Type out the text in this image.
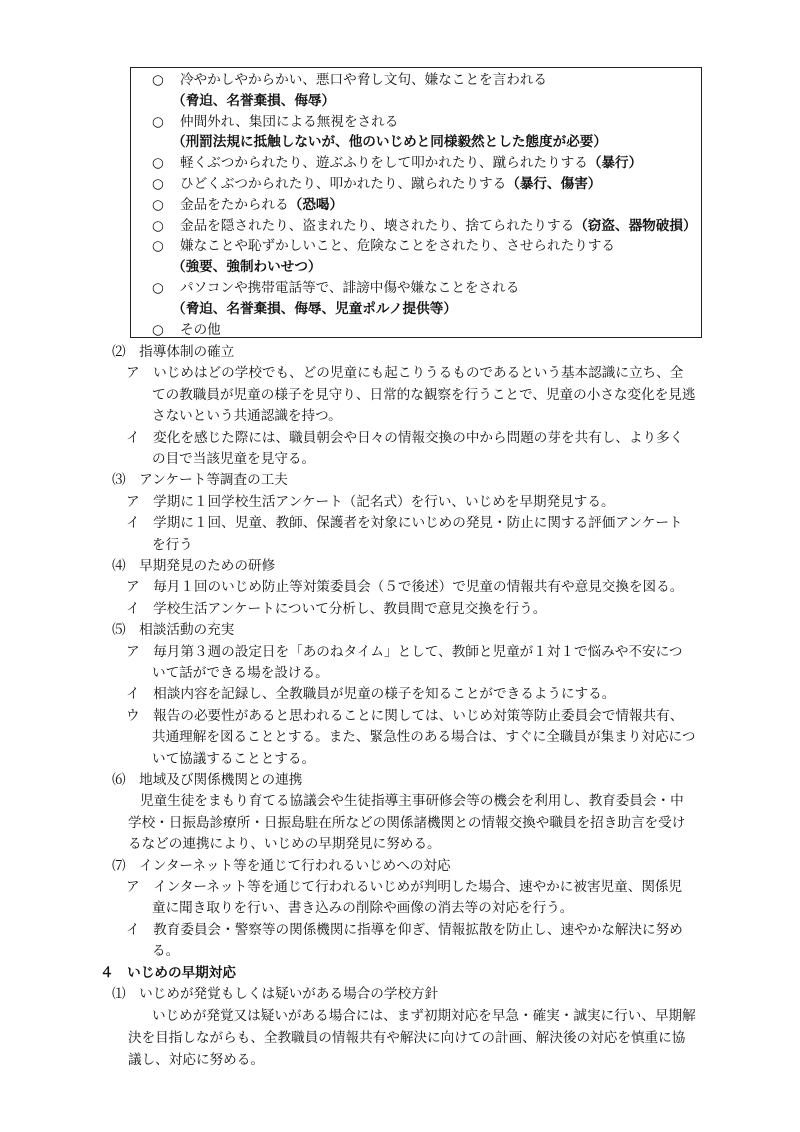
○ 冷やかしやからかい、悪口や脅し文句、嫌なことを言われる
（脅迫、名誉棄損、侮辱）
○ 仲間外れ、集団による無視をされる
（刑罰法規に抵触しないが、他のいじめと同様毅然とした態度が必要）
○ 軽くぶつかられたり、遊ぶふりをして叩かれたり、蹴られたりする（暴行）
○ ひどくぶつかられたり、叩かれたり、蹴られたりする（暴行、傷害）
○ 金品をたかられる（恐喝）
○ 金品を隠されたり、盗まれたり、壊されたり、捨てられたりする（窃盗、器物破損）
○ 嫌なことや恥ずかしいこと、危険なことをされたり、させられたりする
（強要、強制わいせつ）
○ パソコンや携帯電話等で、誹謗中傷や嫌なことをされる
（脅迫、名誉棄損、侮辱、児童ポルノ提供等）
○ その他
⑵　指導体制の確立
ア　いじめはどの学校でも、どの児童にも起こりうるものであるという基本認識に立ち、全
ての教職員が児童の様子を見守り、日常的な観察を行うことで、児童の小さな変化を見逃
さないという共通認識を持つ。
イ　変化を感じた際には、職員朝会や日々の情報交換の中から問題の芽を共有し、より多く
の目で当該児童を見守る。
⑶　アンケート等調査の工夫
ア　学期に１回学校生活アンケート（記名式）を行い、いじめを早期発見する。
イ　学期に１回、児童、教師、保護者を対象にいじめの発見・防止に関する評価アンケート
を行う
⑷　早期発見のための研修
ア　毎月１回のいじめ防止等対策委員会（５で後述）で児童の情報共有や意見交換を図る。
イ　学校生活アンケートについて分析し、教員間で意見交換を行う。
⑸　相談活動の充実
ア　毎月第３週の設定日を「あのねタイム」として、教師と児童が１対１で悩みや不安につ
いて話ができる場を設ける。
イ　相談内容を記録し、全教職員が児童の様子を知ることができるようにする。
ウ　報告の必要性があると思われることに関しては、いじめ対策等防止委員会で情報共有、
共通理解を図ることとする。また、緊急性のある場合は、すぐに全職員が集まり対応につ
いて協議することとする。
⑹　地域及び関係機関との連携
児童生徒をまもり育てる協議会や生徒指導主事研修会等の機会を利用し、教育委員会・中
学校・日振島診療所・日振島駐在所などの関係諸機関との情報交換や職員を招き助言を受け
るなどの連携により、いじめの早期発見に努める。
⑺　インターネット等を通じて行われるいじめへの対応
ア　インターネット等を通じて行われるいじめが判明した場合、速やかに被害児童、関係児
童に聞き取りを行い、書き込みの削除や画像の消去等の対応を行う。
イ　教育委員会・警察等の関係機関に指導を仰ぎ、情報拡散を防止し、速やかな解決に努め
る。
４　いじめの早期対応
⑴　いじめが発覚もしくは疑いがある場合の学校方針
いじめが発覚又は疑いがある場合には、まず初期対応を早急・確実・誠実に行い、早期解
決を目指しながらも、全教職員の情報共有や解決に向けての計画、解決後の対応を慎重に協
議し、対応に努める。
